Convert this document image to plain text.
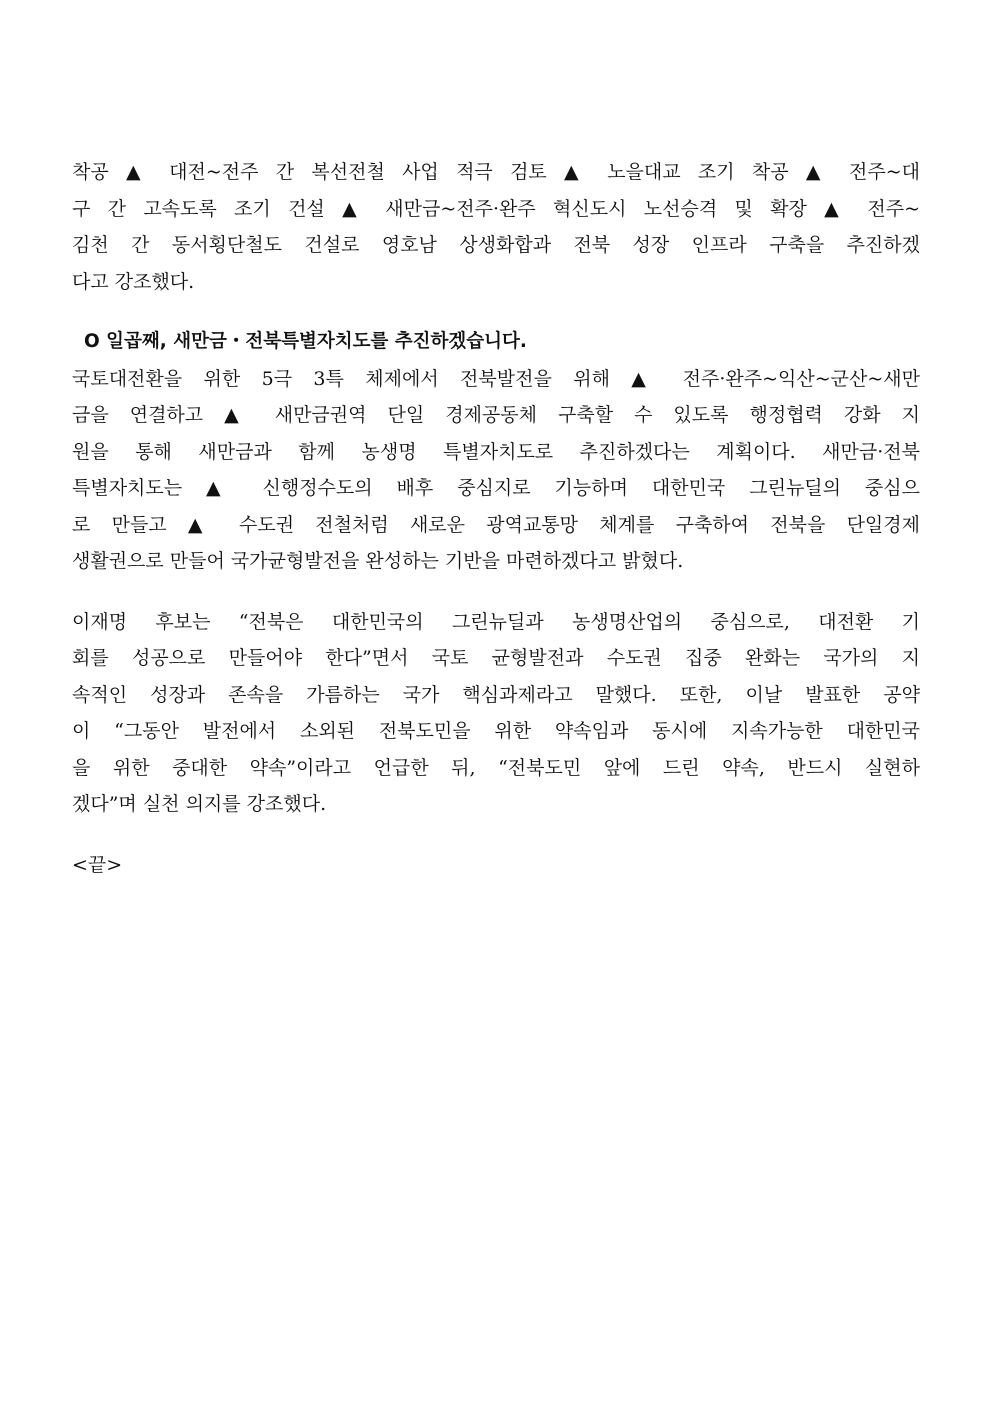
착공 ▲ 대전~전주 간 복선전철 사업 적극 검토 ▲ 노을대교 조기 착공 ▲ 전주~대
구 간 고속도록 조기 건설 ▲ 새만금~전주·완주 혁신도시 노선승격 및 확장 ▲ 전주~
김천 간 동서횡단철도 건설로 영호남 상생화합과 전북 성장 인프라 구축을 추진하겠
다고 강조했다.
O 일곱째, 새만금・전북특별자치도를 추진하겠습니다.
국토대전환을 위한 5극 3특 체제에서 전북발전을 위해 ▲ 전주·완주~익산~군산~새만
금을 연결하고 ▲ 새만금권역 단일 경제공동체 구축할 수 있도록 행정협력 강화 지
원을 통해 새만금과 함께 농생명 특별자치도로 추진하겠다는 계획이다. 새만금·전북
특별자치도는 ▲ 신행정수도의 배후 중심지로 기능하며 대한민국 그린뉴딜의 중심으
로 만들고 ▲ 수도권 전철처럼 새로운 광역교통망 체계를 구축하여 전북을 단일경제
생활권으로 만들어 국가균형발전을 완성하는 기반을 마련하겠다고 밝혔다.
이재명 후보는 “전북은 대한민국의 그린뉴딜과 농생명산업의 중심으로, 대전환 기
회를 성공으로 만들어야 한다”면서 국토 균형발전과 수도권 집중 완화는 국가의 지
속적인 성장과 존속을 가름하는 국가 핵심과제라고 말했다. 또한, 이날 발표한 공약
이 “그동안 발전에서 소외된 전북도민을 위한 약속임과 동시에 지속가능한 대한민국
을 위한 중대한 약속”이라고 언급한 뒤, “전북도민 앞에 드린 약속, 반드시 실현하
겠다”며 실천 의지를 강조했다.
<끝>
